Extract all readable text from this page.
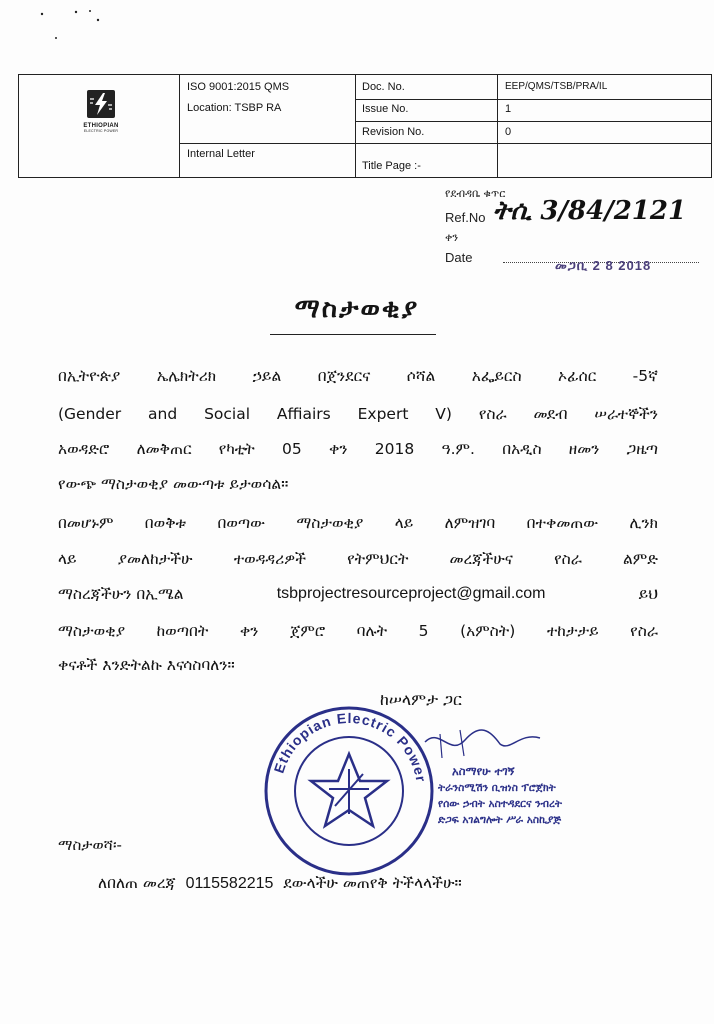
ETHIOPIAN
ELECTRIC POWER
ISO 9001:2015 QMS
Location: TSBP RA
Internal Letter
Doc. No.
Issue No.
Revision No.
Title Page :-
EEP/QMS/TSB/PRA/IL
1
0
የደብዳቤ ቁጥር
Ref.No ትሲ 3/84/2121
ቀን
Date
መጋቢ 2 8 2018
ማስታወቂያ
በኢትዮጵያ ኤሌክትሪክ ኃይል በጀንደርና ሶሻል አፌይርስ ኦፊሰር -5ኛ
(Gender and Social Affiairs Expert V) የስራ መደብ ሠራተኞችን
አወዳድሮ ለመቅጠር የካቲት 05 ቀን 2018 ዓ.ም. በአዲስ ዘመን ጋዜጣ
የውጭ ማስታወቂያ መውጣቱ ይታወሳል።
በመሆኑም በወቅቱ በወጣው ማስታወቂያ ላይ ለምዝገባ በተቀመጠው ሊንክ
ላይ ያመለከታችሁ ተወዳዳሪዎች የትምህርት መረጃችሁና የስራ ልምድ
ማስረጃችሁን በኢሜል	tsbprojectresourceproject@gmail.com	ይህ
ማስታወቂያ ከወጣበት ቀን ጀምሮ ባሉት 5 (አምስት) ተከታታይ የስራ
ቀናቶች እንድትልኩ እናሳስባለን።
ከሠላምታ ጋር
Ethiopian Electric Power
አስማየሁ ተገኝ
ትራንስሚሽን ቢዝነስ ፕሮጀክት
የሰው ኃብት አስተዳደርና ንብረት
ድጋፍ አገልግሎት ሥራ አስኪያጅ
ማስታወሻ፡-
ለበለጠ መረጃ 0115582215 ደውላችሁ መጠየቅ ትችላላችሁ።
